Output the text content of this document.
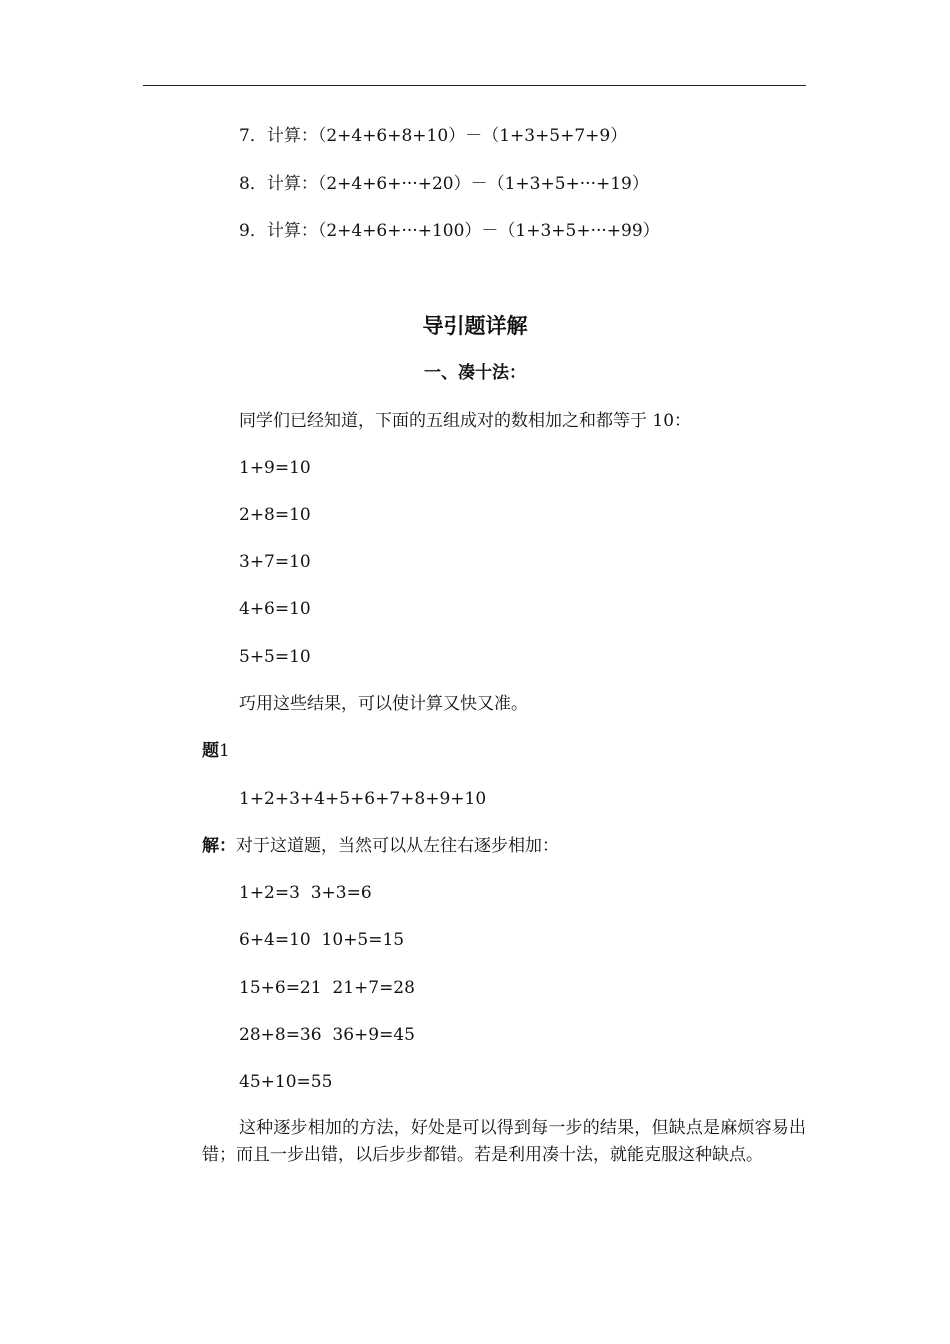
7．计算：（2+4+6+8+10）－（1+3+5+7+9）
8．计算：（2+4+6+···+20）－（1+3+5+···+19）
9．计算：（2+4+6+···+100）－（1+3+5+···+99）
导引题详解
一、凑十法：
同学们已经知道，下面的五组成对的数相加之和都等于 10：
1+9=10
2+8=10
3+7=10
4+6=10
5+5=10
巧用这些结果，可以使计算又快又准。
题1
1+2+3+4+5+6+7+8+9+10
解：对于这道题，当然可以从左往右逐步相加：
1+2=3  3+3=6
6+4=10  10+5=15
15+6=21  21+7=28
28+8=36  36+9=45
45+10=55
这种逐步相加的方法，好处是可以得到每一步的结果，但缺点是麻烦容易出错；而且一步出错，以后步步都错。若是利用凑十法，就能克服这种缺点。
